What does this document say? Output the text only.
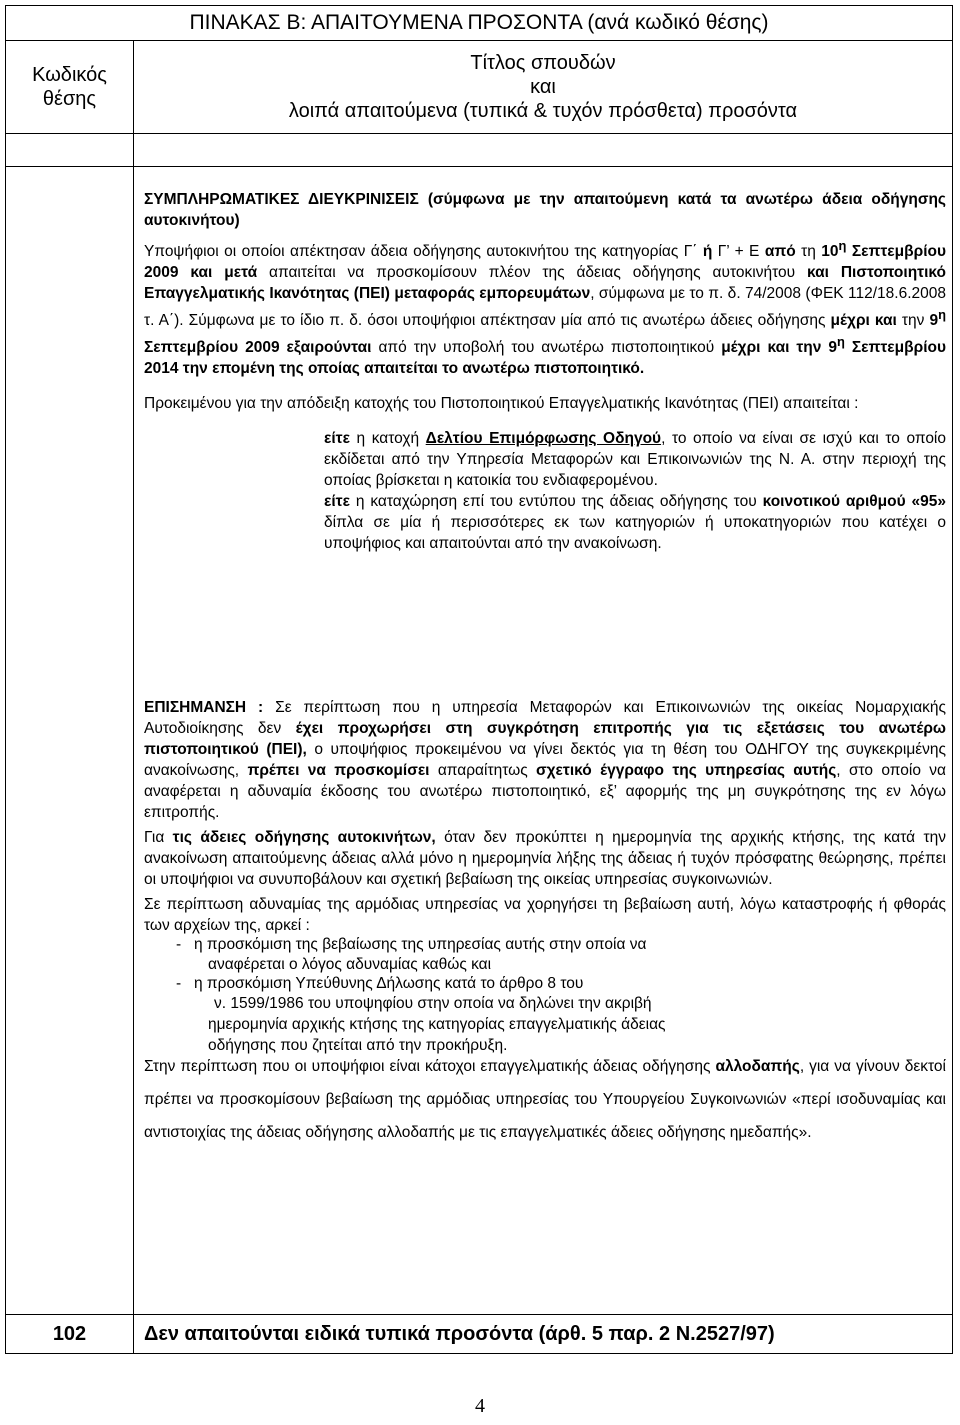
ΠΙΝΑΚΑΣ Β: ΑΠΑΙΤΟΥΜΕΝΑ ΠΡΟΣΟΝΤΑ (ανά κωδικό θέσης)
Κωδικός
θέσης
Τίτλος σπουδών
και
λοιπά απαιτούμενα (τυπικά & τυχόν πρόσθετα) προσόντα

ΣΥΜΠΛΗΡΩΜΑΤΙΚΕΣ ΔΙΕΥΚΡΙΝΙΣΕΙΣ (σύμφωνα με την απαιτούμενη κατά τα ανωτέρω άδεια οδήγησης αυτοκινήτου)

Υποψήφιοι οι οποίοι απέκτησαν άδεια οδήγησης αυτοκινήτου της κατηγορίας Γ΄ ή Γ’ + Ε από τη $10^\eta$ Σεπτεμβρίου 2009 και μετά απαιτείται να προσκομίσουν πλέον της άδειας οδήγησης αυτοκινήτου και Πιστοποιητικό Επαγγελματικής Ικανότητας (ΠΕΙ) μεταφοράς εμπορευμάτων, σύμφωνα με το π. δ. 74/2008 (ΦΕΚ 112/18.6.2008 τ. Α΄). Σύμφωνα με το ίδιο π. δ. όσοι υποψήφιοι απέκτησαν μία από τις ανωτέρω άδειες οδήγησης μέχρι και την $9^\eta$ Σεπτεμβρίου 2009 εξαιρούνται από την υποβολή του ανωτέρω πιστοποιητικού μέχρι και την $9^\eta$ Σεπτεμβρίου 2014 την επομένη της οποίας απαιτείται το ανωτέρω πιστοποιητικό.

Προκειμένου για την απόδειξη κατοχής του Πιστοποιητικού Επαγγελματικής Ικανότητας (ΠΕΙ) απαιτείται :

είτε η κατοχή Δελτίου Επιμόρφωσης Οδηγού, το οποίο να είναι σε ισχύ και το οποίο εκδίδεται από την Υπηρεσία Μεταφορών και Επικοινωνιών της Ν. Α. στην περιοχή της οποίας βρίσκεται η κατοικία του ενδιαφερομένου.

είτε η καταχώρηση επί του εντύπου της άδειας οδήγησης του κοινοτικού αριθμού «95» δίπλα σε μία ή περισσότερες εκ των κατηγοριών ή υποκατηγοριών που κατέχει ο υποψήφιος και απαιτούνται από την ανακοίνωση.

ΕΠΙΣΗΜΑΝΣΗ : Σε περίπτωση που η υπηρεσία Μεταφορών και Επικοινωνιών της οικείας Νομαρχιακής Αυτοδιοίκησης δεν έχει προχωρήσει στη συγκρότηση επιτροπής για τις εξετάσεις του ανωτέρω πιστοποιητικού (ΠΕΙ), ο υποψήφιος προκειμένου να γίνει δεκτός για τη θέση του ΟΔΗΓΟΥ της συγκεκριμένης ανακοίνωσης, πρέπει να προσκομίσει απαραίτητως σχετικό έγγραφο της υπηρεσίας αυτής, στο οποίο να αναφέρεται η αδυναμία έκδοσης του ανωτέρω πιστοποιητικό, εξ’ αφορμής της μη συγκρότησης της εν λόγω επιτροπής.

Για τις άδειες οδήγησης αυτοκινήτων, όταν δεν προκύπτει η ημερομηνία της αρχικής κτήσης, της κατά την ανακοίνωση απαιτούμενης άδειας αλλά μόνο η ημερομηνία λήξης της άδειας ή τυχόν πρόσφατης θεώρησης, πρέπει οι υποψήφιοι να συνυποβάλουν και σχετική βεβαίωση της οικείας υπηρεσίας συγκοινωνιών.

Σε περίπτωση αδυναμίας της αρμόδιας υπηρεσίας να χορηγήσει τη βεβαίωση αυτή, λόγω καταστροφής ή φθοράς των αρχείων της, αρκεί :

- η προσκόμιση της βεβαίωσης της υπηρεσίας αυτής στην οποία να

αναφέρεται ο λόγος αδυναμίας καθώς και

- η προσκόμιση Υπεύθυνης Δήλωσης κατά το άρθρο 8 του

ν. 1599/1986 του υποψηφίου στην οποία να δηλώνει την ακριβή

ημερομηνία αρχικής κτήσης της κατηγορίας επαγγελματικής άδειας

οδήγησης που ζητείται από την προκήρυξη.

Στην περίπτωση που οι υποψήφιοι είναι κάτοχοι επαγγελματικής άδειας οδήγησης αλλοδαπής, για να γίνουν δεκτοί πρέπει να προσκομίσουν βεβαίωση της αρμόδιας υπηρεσίας του Υπουργείου Συγκοινωνιών «περί ισοδυναμίας και αντιστοιχίας της άδειας οδήγησης αλλοδαπής με τις επαγγελματικές άδειες οδήγησης ημεδαπής».

102	Δεν απαιτούνται ειδικά τυπικά προσόντα (άρθ. 5 παρ. 2 Ν.2527/97)
4
